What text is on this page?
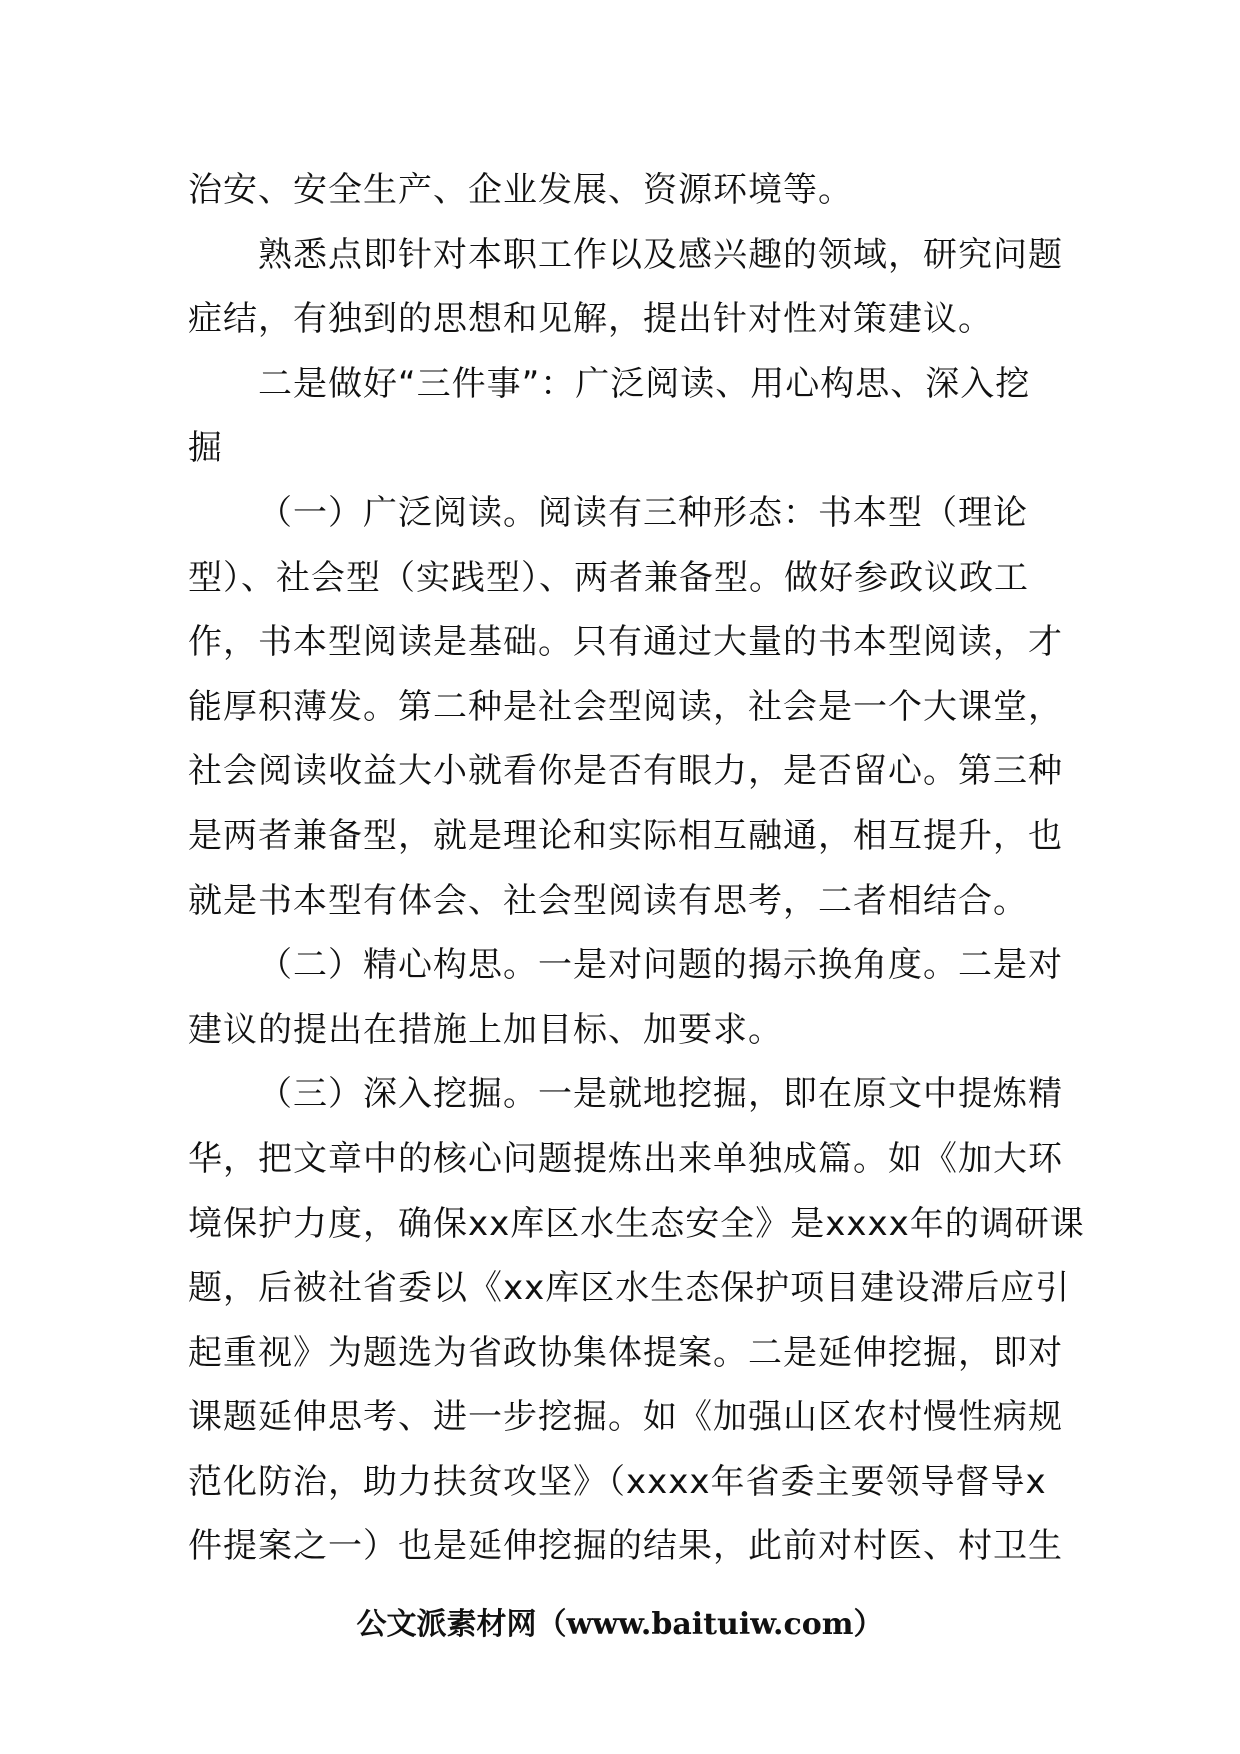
治安、安全生产、企业发展、资源环境等。
熟悉点即针对本职工作以及感兴趣的领域，研究问题
症结，有独到的思想和见解，提出针对性对策建议。
二是做好“三件事”：广泛阅读、用心构思、深入挖
掘
（一）广泛阅读。阅读有三种形态：书本型（理论
型）、社会型（实践型）、两者兼备型。做好参政议政工
作，书本型阅读是基础。只有通过大量的书本型阅读，才
能厚积薄发。第二种是社会型阅读，社会是一个大课堂，
社会阅读收益大小就看你是否有眼力，是否留心。第三种
是两者兼备型，就是理论和实际相互融通，相互提升，也
就是书本型有体会、社会型阅读有思考，二者相结合。
（二）精心构思。一是对问题的揭示换角度。二是对
建议的提出在措施上加目标、加要求。
（三）深入挖掘。一是就地挖掘，即在原文中提炼精
华，把文章中的核心问题提炼出来单独成篇。如《加大环
境保护力度，确保xx库区水生态安全》是xxxx年的调研课
题，后被社省委以《xx库区水生态保护项目建设滞后应引
起重视》为题选为省政协集体提案。二是延伸挖掘，即对
课题延伸思考、进一步挖掘。如《加强山区农村慢性病规
范化防治，助力扶贫攻坚》（xxxx年省委主要领导督导x
件提案之一）也是延伸挖掘的结果，此前对村医、村卫生
公文派素材网（www.baituiw.com）
